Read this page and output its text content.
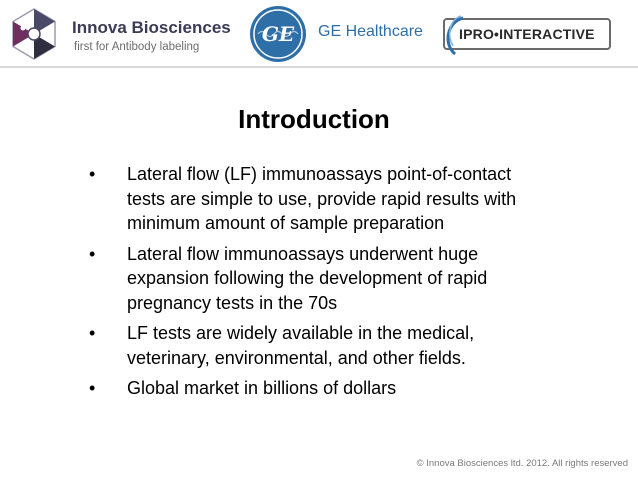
Innova Biosciences
first for Antibody labeling
GE GE Healthcare	IPRO•INTERACTIVE
Introduction
• Lateral flow (LF) immunoassays point-of-contact tests are simple to use, provide rapid results with minimum amount of sample preparation
• Lateral flow immunoassays underwent huge expansion following the development of rapid pregnancy tests in the 70s
• LF tests are widely available in the medical, veterinary, environmental, and other fields.
• Global market in billions of dollars
© Innova Biosciences ltd. 2012. All rights reserved
